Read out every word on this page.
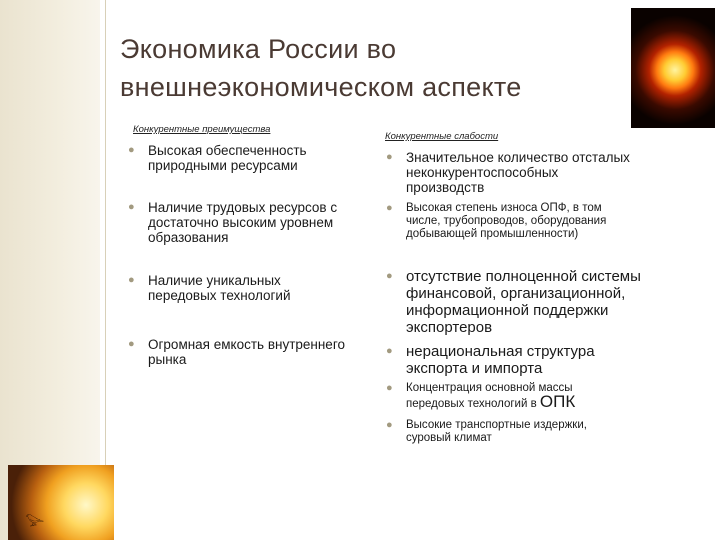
𓅪
Экономика России во
внешнеэкономическом аспекте
Конкурентные преимущества
● Высокая обеспеченность
природными ресурсами
● Наличие трудовых ресурсов с
достаточно высоким уровнем
образования
● Наличие уникальных
передовых технологий
● Огромная емкость внутреннего
рынка
Конкурентные слабости
● Значительное количество отсталых
неконкурентоспособных
производств
● Высокая степень износа ОПФ, в том
числе, трубопроводов, оборудования
добывающей промышленности)
● отсутствие полноценной системы
финансовой, организационной,
информационной поддержки
экспортеров
● нерациональная структура
экспорта и импорта
● Концентрация основной массы
передовых технологий в ОПК
● Высокие транспортные издержки,
суровый климат
